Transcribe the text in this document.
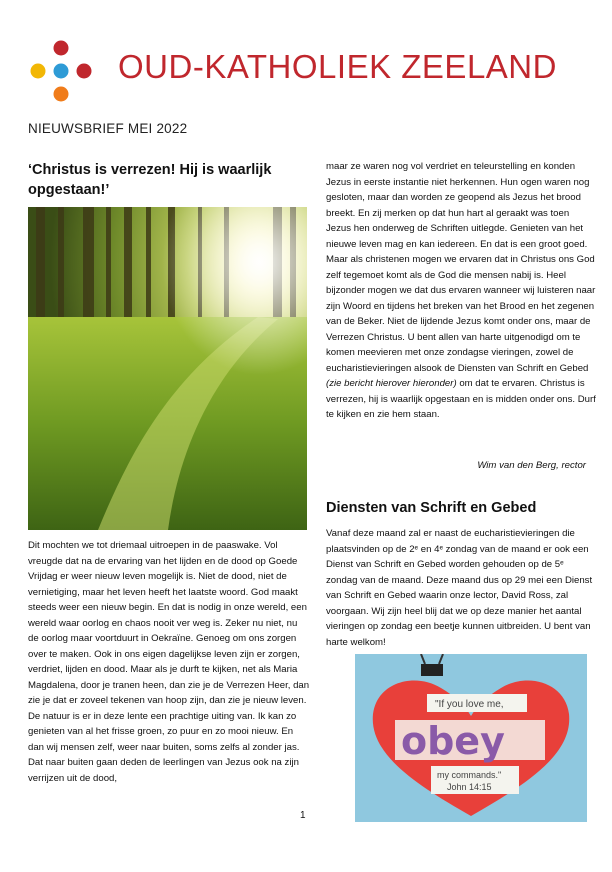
OUD-KATHOLIEK ZEELAND
NIEUWSBRIEF MEI 2022
‘Christus is verrezen! Hij is waarlijk opgestaan!’
Dit mochten we tot driemaal uitroepen in de paaswake. Vol vreugde dat na de ervaring van het lijden en de dood op Goede Vrijdag er weer nieuw leven mogelijk is. Niet de dood, niet de vernietiging, maar het leven heeft het laatste woord. God maakt steeds weer een nieuw begin. En dat is nodig in onze wereld, een wereld waar oorlog en chaos nooit ver weg is. Zeker nu niet, nu de oorlog maar voortduurt in Oekraïne. Genoeg om ons zorgen over te maken. Ook in ons eigen dagelijkse leven zijn er zorgen, verdriet, lijden en dood. Maar als je durft te kijken, net als Maria Magdalena, door je tranen heen, dan zie je de Verrezen Heer, dan zie je dat er zoveel tekenen van hoop zijn, dan zie je nieuw leven. De natuur is er in deze lente een prachtige uiting van. Ik kan zo genieten van al het frisse groen, zo puur en zo mooi nieuw. En dan wij mensen zelf, weer naar buiten, soms zelfs al zonder jas. Dat naar buiten gaan deden de leerlingen van Jezus ook na zijn verrijzen uit de dood,
maar ze waren nog vol verdriet en teleurstelling en konden Jezus in eerste instantie niet herkennen. Hun ogen waren nog gesloten, maar dan worden ze geopend als Jezus het brood breekt. En zij merken op dat hun hart al geraakt was toen Jezus hen onderweg de Schriften uitlegde. Genieten van het nieuwe leven mag en kan iedereen. En dat is een groot goed. Maar als christenen mogen we ervaren dat in Christus ons God zelf tegemoet komt als de God die mensen nabij is. Heel bijzonder mogen we dat dus ervaren wanneer wij luisteren naar zijn Woord en tijdens het breken van het Brood en het zegenen van de Beker. Niet de lijdende Jezus komt onder ons, maar de Verrezen Christus. U bent allen van harte uitgenodigd om te komen meevieren met onze zondagse vieringen, zowel de eucharistievieringen alsook de Diensten van Schrift en Gebed (zie bericht hierover hieronder) om dat te ervaren. Christus is verrezen, hij is waarlijk opgestaan en is midden onder ons. Durf te kijken en zie hem staan.
Wim van den Berg, rector
Diensten van Schrift en Gebed
Vanaf deze maand zal er naast de eucharistievieringen die plaatsvinden op de 2ᵉ en 4ᵉ zondag van de maand er ook een Dienst van Schrift en Gebed worden gehouden op de 5ᵉ zondag van de maand. Deze maand dus op 29 mei een Dienst van Schrift en Gebed waarin onze lector, David Ross, zal voorgaan. Wij zijn heel blij dat we op deze manier het aantal vieringen op zondag een beetje kunnen uitbreiden. U bent van harte welkom!
"If you love me,
obey
my commands."
John 14:15
1
